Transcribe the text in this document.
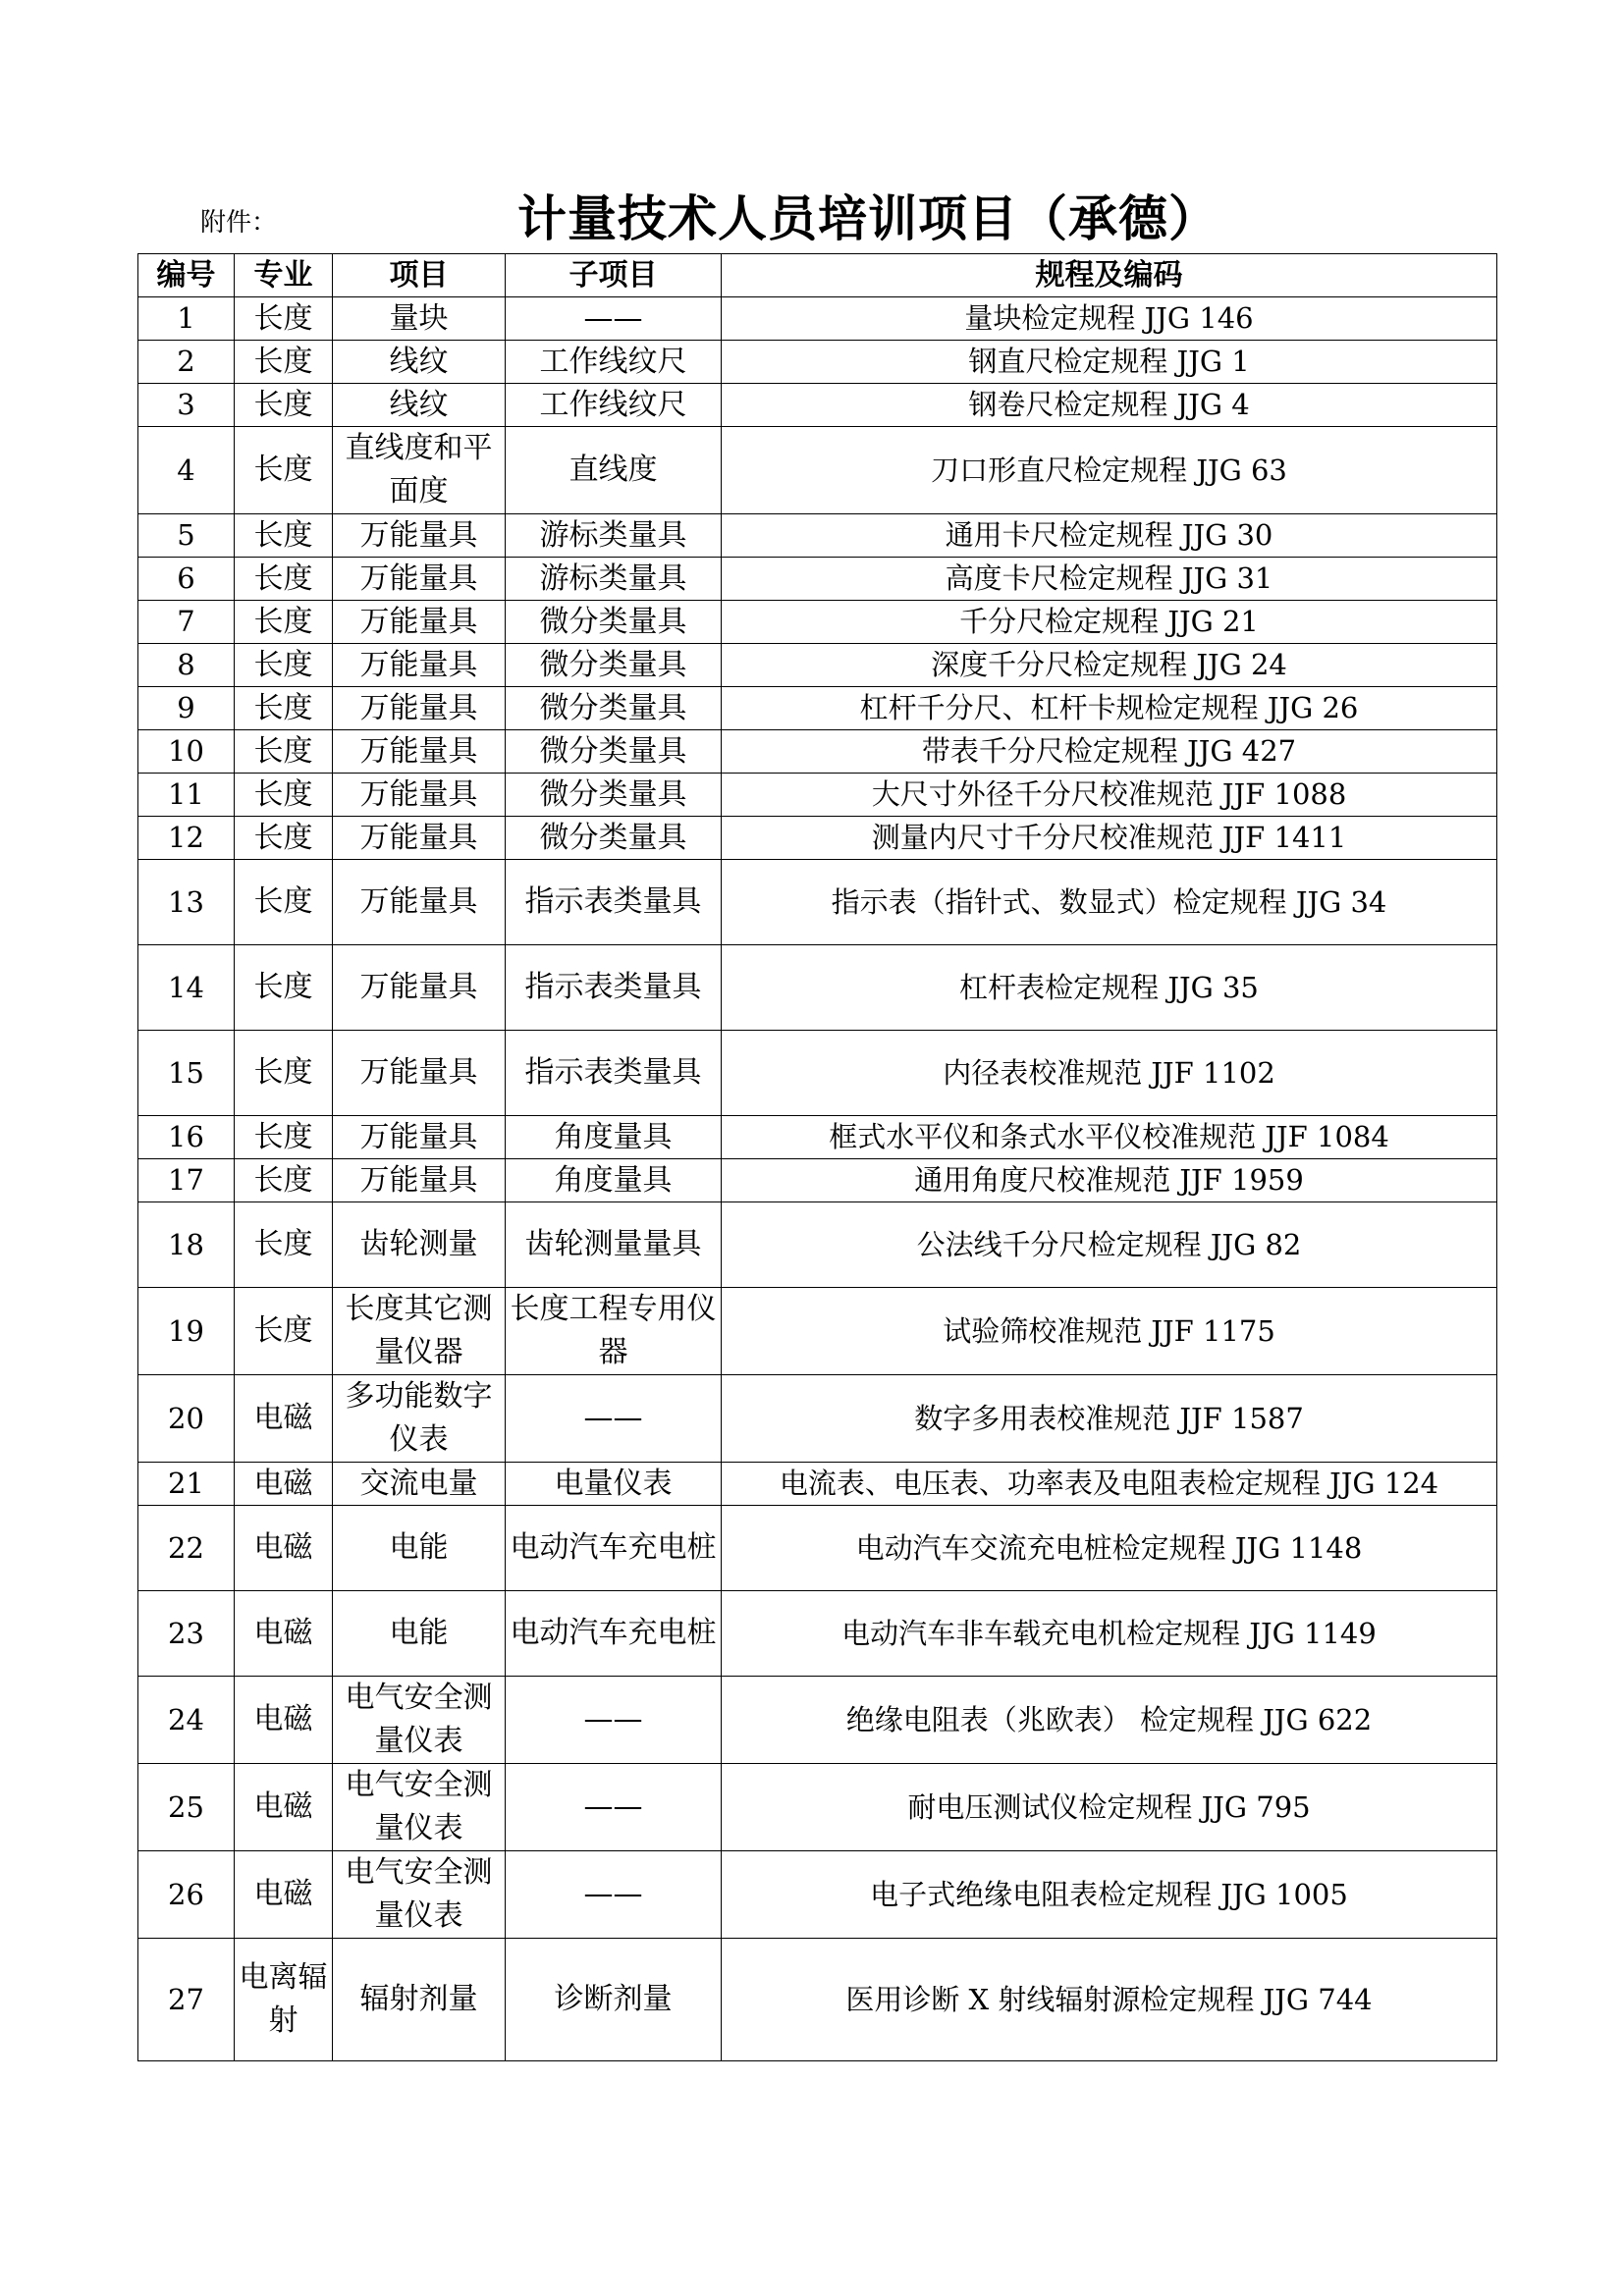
附件：	计量技术人员培训项目（承德）
编号	专业	项目	子项目	规程及编码
1	长度	量块	——	量块检定规程 JJG 146
2	长度	线纹	工作线纹尺	钢直尺检定规程 JJG 1
3	长度	线纹	工作线纹尺	钢卷尺检定规程 JJG 4
4	长度	直线度和平面度	直线度	刀口形直尺检定规程 JJG 63
5	长度	万能量具	游标类量具	通用卡尺检定规程 JJG 30
6	长度	万能量具	游标类量具	高度卡尺检定规程 JJG 31
7	长度	万能量具	微分类量具	千分尺检定规程 JJG 21
8	长度	万能量具	微分类量具	深度千分尺检定规程 JJG 24
9	长度	万能量具	微分类量具	杠杆千分尺、杠杆卡规检定规程 JJG 26
10	长度	万能量具	微分类量具	带表千分尺检定规程 JJG 427
11	长度	万能量具	微分类量具	大尺寸外径千分尺校准规范 JJF 1088
12	长度	万能量具	微分类量具	测量内尺寸千分尺校准规范 JJF 1411
13	长度	万能量具	指示表类量具	指示表（指针式、数显式）检定规程 JJG 34
14	长度	万能量具	指示表类量具	杠杆表检定规程 JJG 35
15	长度	万能量具	指示表类量具	内径表校准规范 JJF 1102
16	长度	万能量具	角度量具	框式水平仪和条式水平仪校准规范 JJF 1084
17	长度	万能量具	角度量具	通用角度尺校准规范 JJF 1959
18	长度	齿轮测量	齿轮测量量具	公法线千分尺检定规程 JJG 82
19	长度	长度其它测量仪器	长度工程专用仪器	试验筛校准规范 JJF 1175
20	电磁	多功能数字仪表	——	数字多用表校准规范 JJF 1587
21	电磁	交流电量	电量仪表	电流表、电压表、功率表及电阻表检定规程 JJG 124
22	电磁	电能	电动汽车充电桩	电动汽车交流充电桩检定规程 JJG 1148
23	电磁	电能	电动汽车充电桩	电动汽车非车载充电机检定规程 JJG 1149
24	电磁	电气安全测量仪表	——	绝缘电阻表（兆欧表） 检定规程 JJG 622
25	电磁	电气安全测量仪表	——	耐电压测试仪检定规程 JJG 795
26	电磁	电气安全测量仪表	——	电子式绝缘电阻表检定规程 JJG 1005
27	电离辐射	辐射剂量	诊断剂量	医用诊断 X 射线辐射源检定规程 JJG 744
